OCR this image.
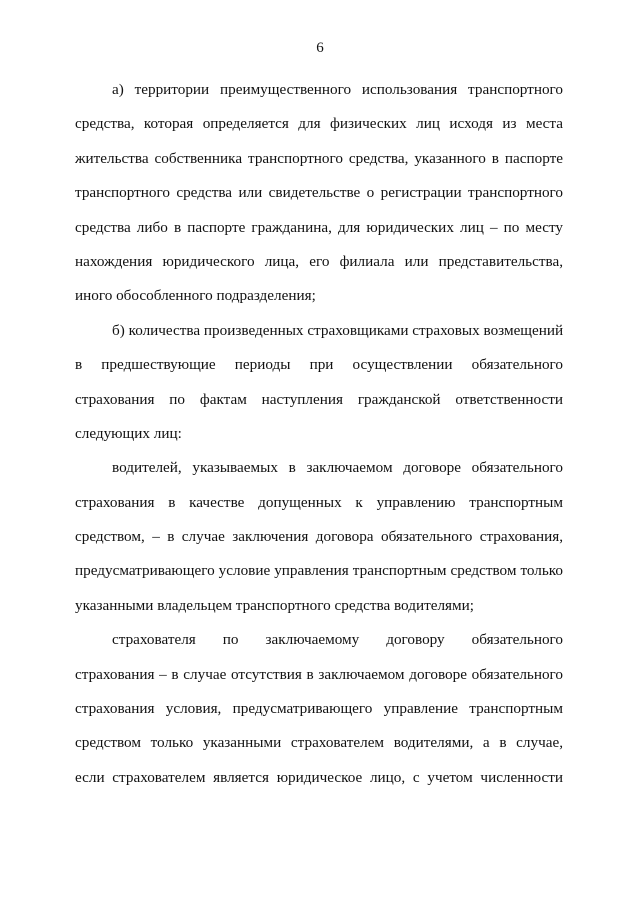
6
а) территории преимущественного использования транспортного
средства, которая определяется для физических лиц исходя из места
жительства собственника транспортного средства, указанного в паспорте
транспортного средства или свидетельстве о регистрации транспортного
средства либо в паспорте гражданина, для юридических лиц – по месту
нахождения юридического лица, его филиала или представительства,
иного обособленного подразделения;
б) количества произведенных страховщиками страховых возмещений
в предшествующие периоды при осуществлении обязательного
страхования по фактам наступления гражданской ответственности
следующих лиц:
водителей, указываемых в заключаемом договоре обязательного
страхования в качестве допущенных к управлению транспортным
средством, – в случае заключения договора обязательного страхования,
предусматривающего условие управления транспортным средством только
указанными владельцем транспортного средства водителями;
страхователя по заключаемому договору обязательного
страхования – в случае отсутствия в заключаемом договоре обязательного
страхования условия, предусматривающего управление транспортным
средством только указанными страхователем водителями, а в случае,
если страхователем является юридическое лицо, с учетом численности
